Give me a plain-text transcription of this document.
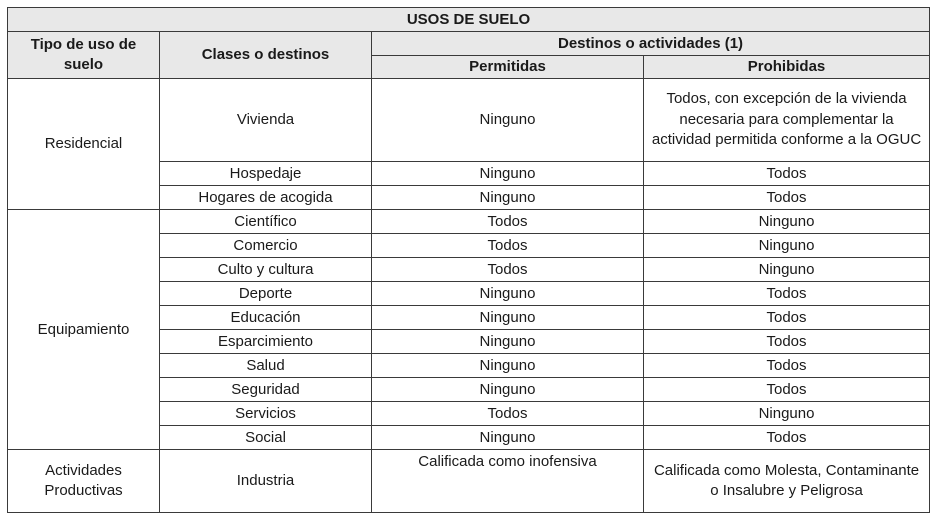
USOS DE SUELO			
Tipo de uso de suelo	Clases o destinos	Destinos o actividades (1)	
		Permitidas	Prohibidas
Residencial	Vivienda	Ninguno	Todos, con excepción de la vivienda necesaria para complementar la actividad permitida conforme a la OGUC
	Hospedaje	Ninguno	Todos
	Hogares de acogida	Ninguno	Todos
Equipamiento	Científico	Todos	Ninguno
	Comercio	Todos	Ninguno
	Culto y cultura	Todos	Ninguno
	Deporte	Ninguno	Todos
	Educación	Ninguno	Todos
	Esparcimiento	Ninguno	Todos
	Salud	Ninguno	Todos
	Seguridad	Ninguno	Todos
	Servicios	Todos	Ninguno
	Social	Ninguno	Todos
Actividades Productivas	Industria	Calificada como inofensiva	Calificada como Molesta, Contaminante o Insalubre y Peligrosa
